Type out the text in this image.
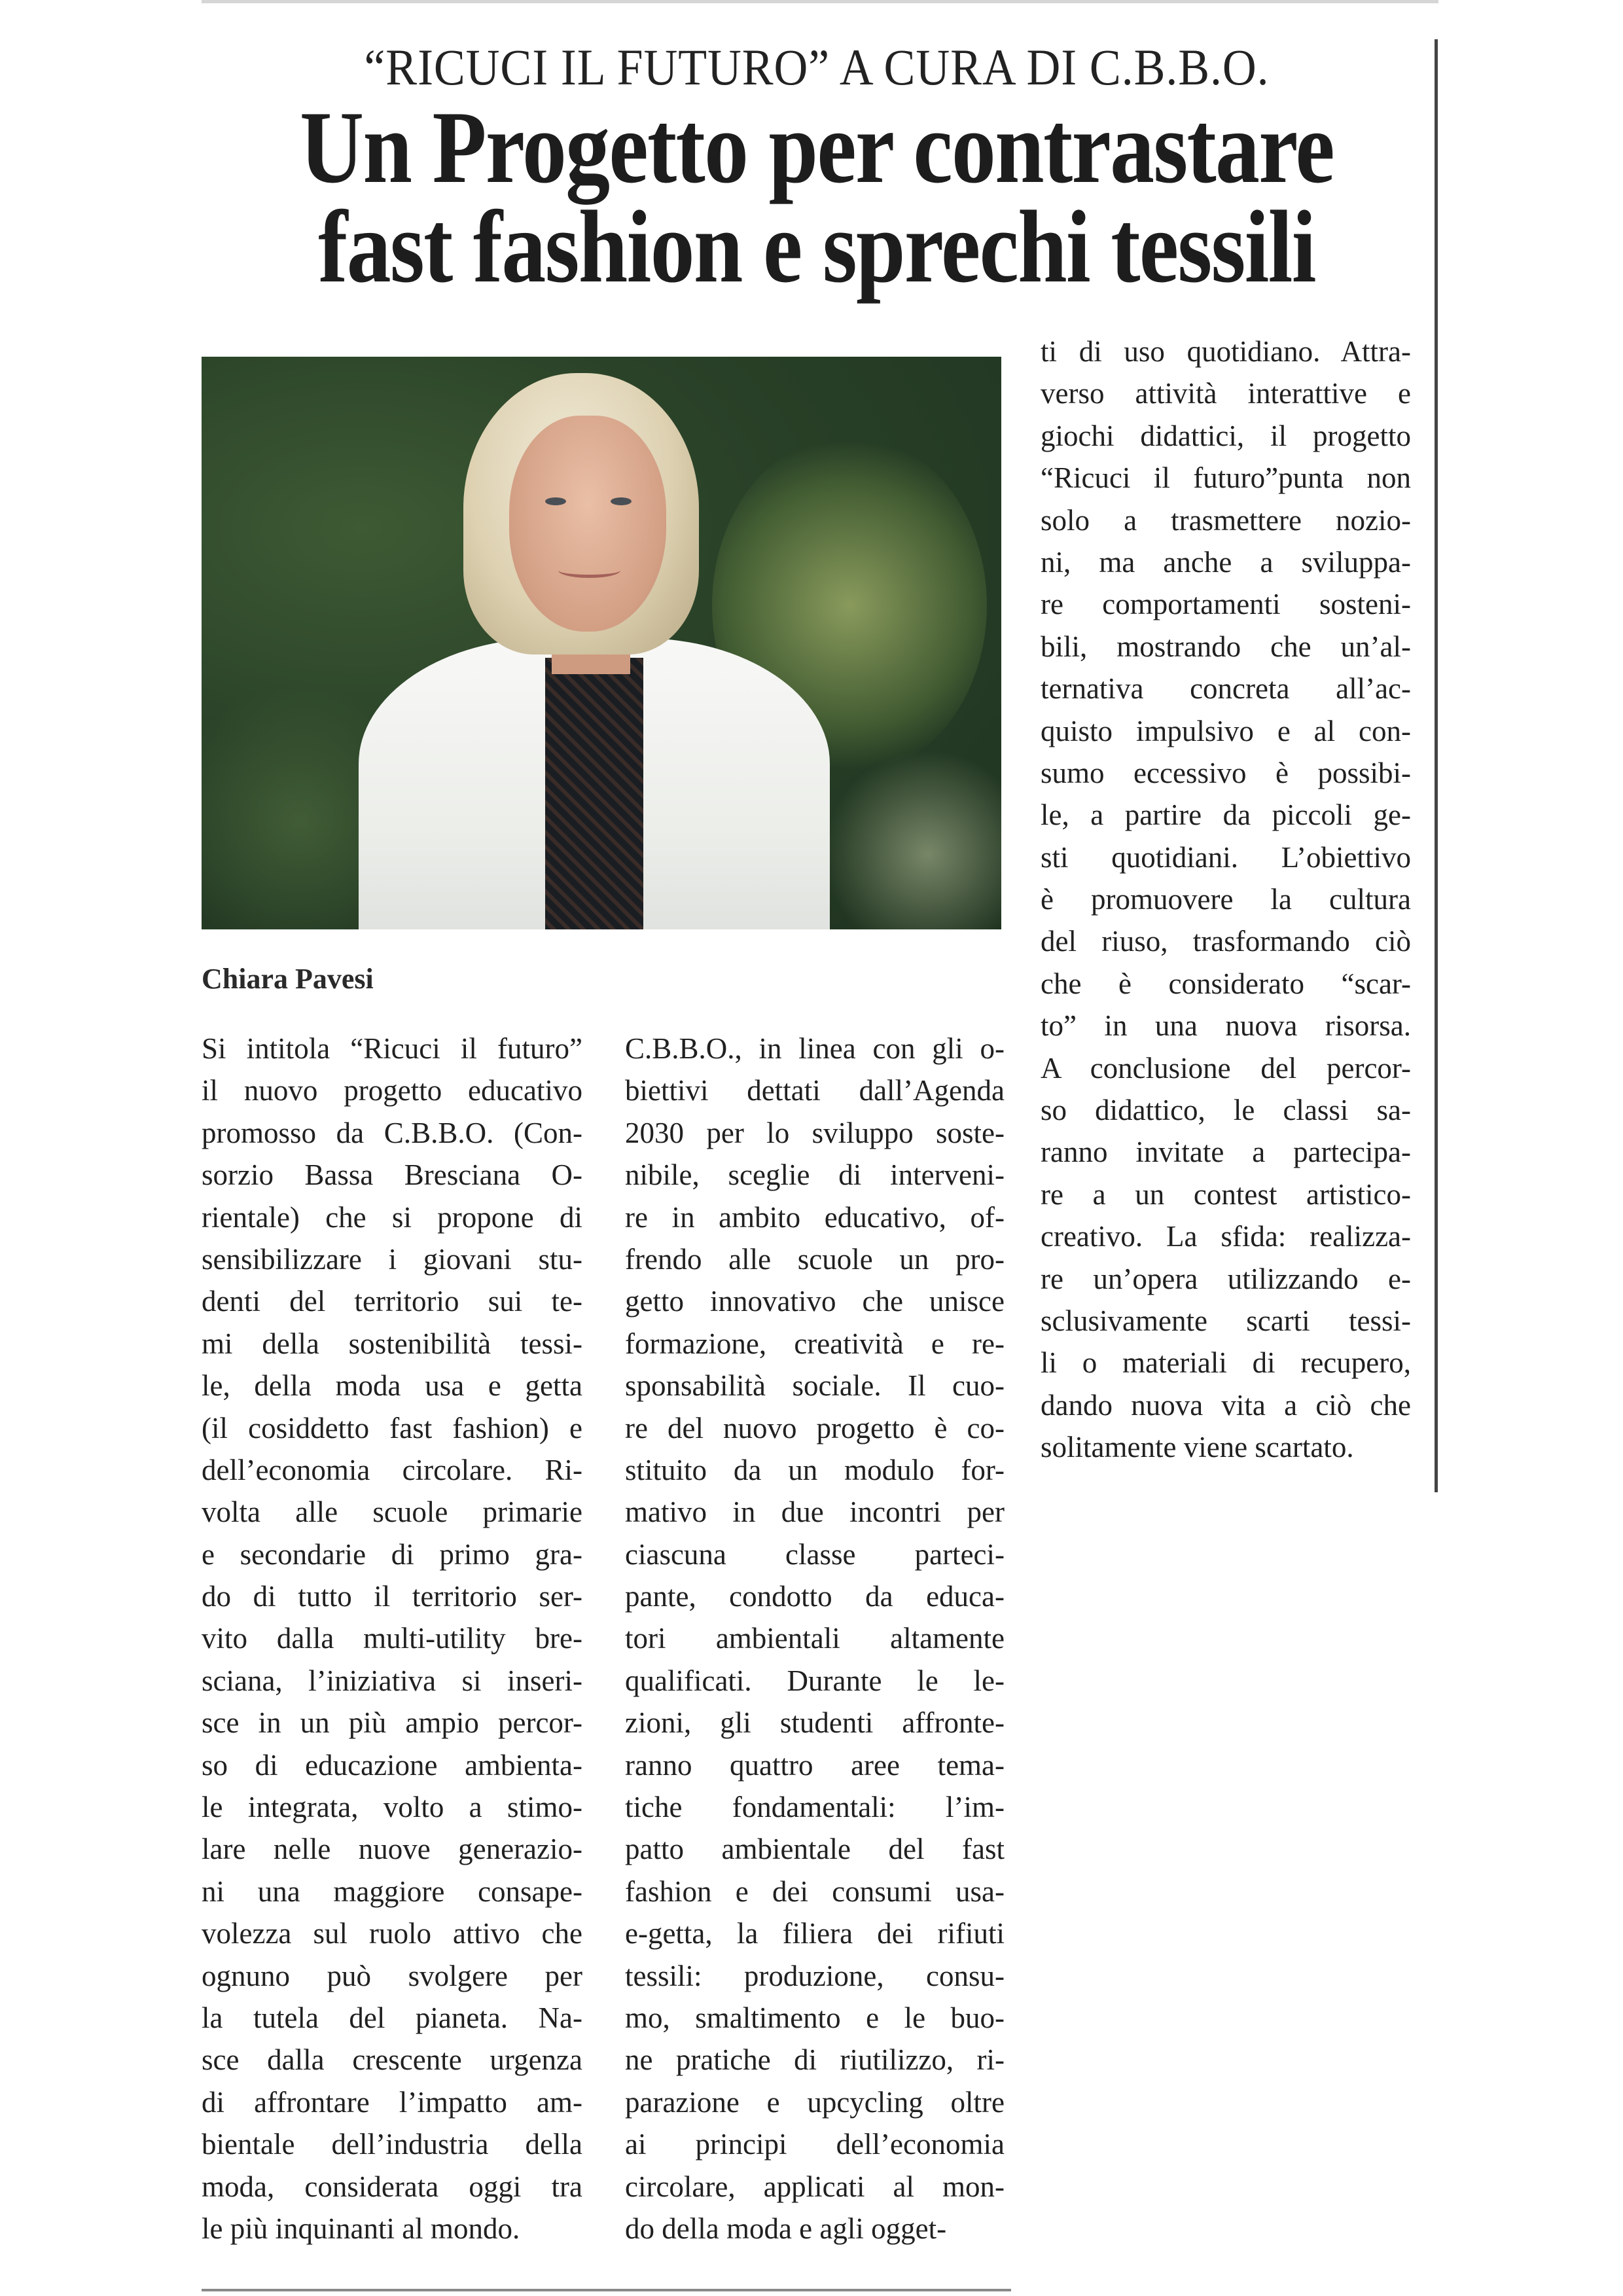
“RICUCI IL FUTURO” A CURA DI C.B.B.O.
Un Progetto per contrastare
fast fashion e sprechi tessili
Chiara Pavesi
Si intitola “Ricuci il futuro”
il nuovo progetto educativo
promosso da C.B.B.O. (Con-
sorzio Bassa Bresciana O-
rientale) che si propone di
sensibilizzare i giovani stu-
denti del territorio sui te-
mi della sostenibilità tessi-
le, della moda usa e getta
(il cosiddetto fast fashion) e
dell’economia circolare. Ri-
volta alle scuole primarie
e secondarie di primo gra-
do di tutto il territorio ser-
vito dalla multi-utility bre-
sciana, l’iniziativa si inseri-
sce in un più ampio percor-
so di educazione ambienta-
le integrata, volto a stimo-
lare nelle nuove generazio-
ni una maggiore consape-
volezza sul ruolo attivo che
ognuno può svolgere per
la tutela del pianeta. Na-
sce dalla crescente urgenza
di affrontare l’impatto am-
bientale dell’industria della
moda, considerata oggi tra
le più inquinanti al mondo.
C.B.B.O., in linea con gli o-
biettivi dettati dall’Agenda
2030 per lo sviluppo soste-
nibile, sceglie di interveni-
re in ambito educativo, of-
frendo alle scuole un pro-
getto innovativo che unisce
formazione, creatività e re-
sponsabilità sociale. Il cuo-
re del nuovo progetto è co-
stituito da un modulo for-
mativo in due incontri per
ciascuna classe parteci-
pante, condotto da educa-
tori ambientali altamente
qualificati. Durante le le-
zioni, gli studenti affronte-
ranno quattro aree tema-
tiche fondamentali: l’im-
patto ambientale del fast
fashion e dei consumi usa-
e-getta, la filiera dei rifiuti
tessili: produzione, consu-
mo, smaltimento e le buo-
ne pratiche di riutilizzo, ri-
parazione e upcycling oltre
ai principi dell’economia
circolare, applicati al mon-
do della moda e agli ogget-
ti di uso quotidiano. Attra-
verso attività interattive e
giochi didattici, il progetto
“Ricuci il futuro”punta non
solo a trasmettere nozio-
ni, ma anche a sviluppa-
re comportamenti sosteni-
bili, mostrando che un’al-
ternativa concreta all’ac-
quisto impulsivo e al con-
sumo eccessivo è possibi-
le, a partire da piccoli ge-
sti quotidiani. L’obiettivo
è promuovere la cultura
del riuso, trasformando ciò
che è considerato “scar-
to” in una nuova risorsa.
A conclusione del percor-
so didattico, le classi sa-
ranno invitate a partecipa-
re a un contest artistico-
creativo. La sfida: realizza-
re un’opera utilizzando e-
sclusivamente scarti tessi-
li o materiali di recupero,
dando nuova vita a ciò che
solitamente viene scartato.
